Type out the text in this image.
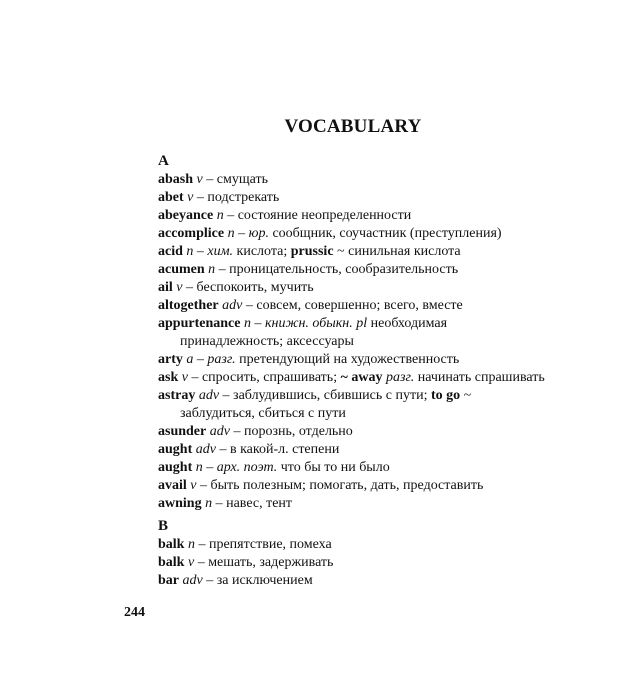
VOCABULARY
A
abash v – смущать
abet v – подстрекать
abeyance n – состояние неопределенности
accomplice n – юр. сообщник, соучастник (преступления)
acid n – хим. кислота; prussic ~ синильная кислота
acumen n – проницательность, сообразительность
ail v – беспокоить, мучить
altogether adv – совсем, совершенно; всего, вместе
appurtenance n – книжн. обыкн. pl необходимая
принадлежность; аксессуары
arty a – разг. претендующий на художественность
ask v – спросить, спрашивать; ~ away разг. начинать спрашивать
astray adv – заблудившись, сбившись с пути; to go ~
заблудиться, сбиться с пути
asunder adv – порознь, отдельно
aught adv – в какой-л. степени
aught n – арх. поэт. что бы то ни было
avail v – быть полезным; помогать, дать, предоставить
awning n – навес, тент
B
balk n – препятствие, помеха
balk v – мешать, задерживать
bar adv – за исключением
244
